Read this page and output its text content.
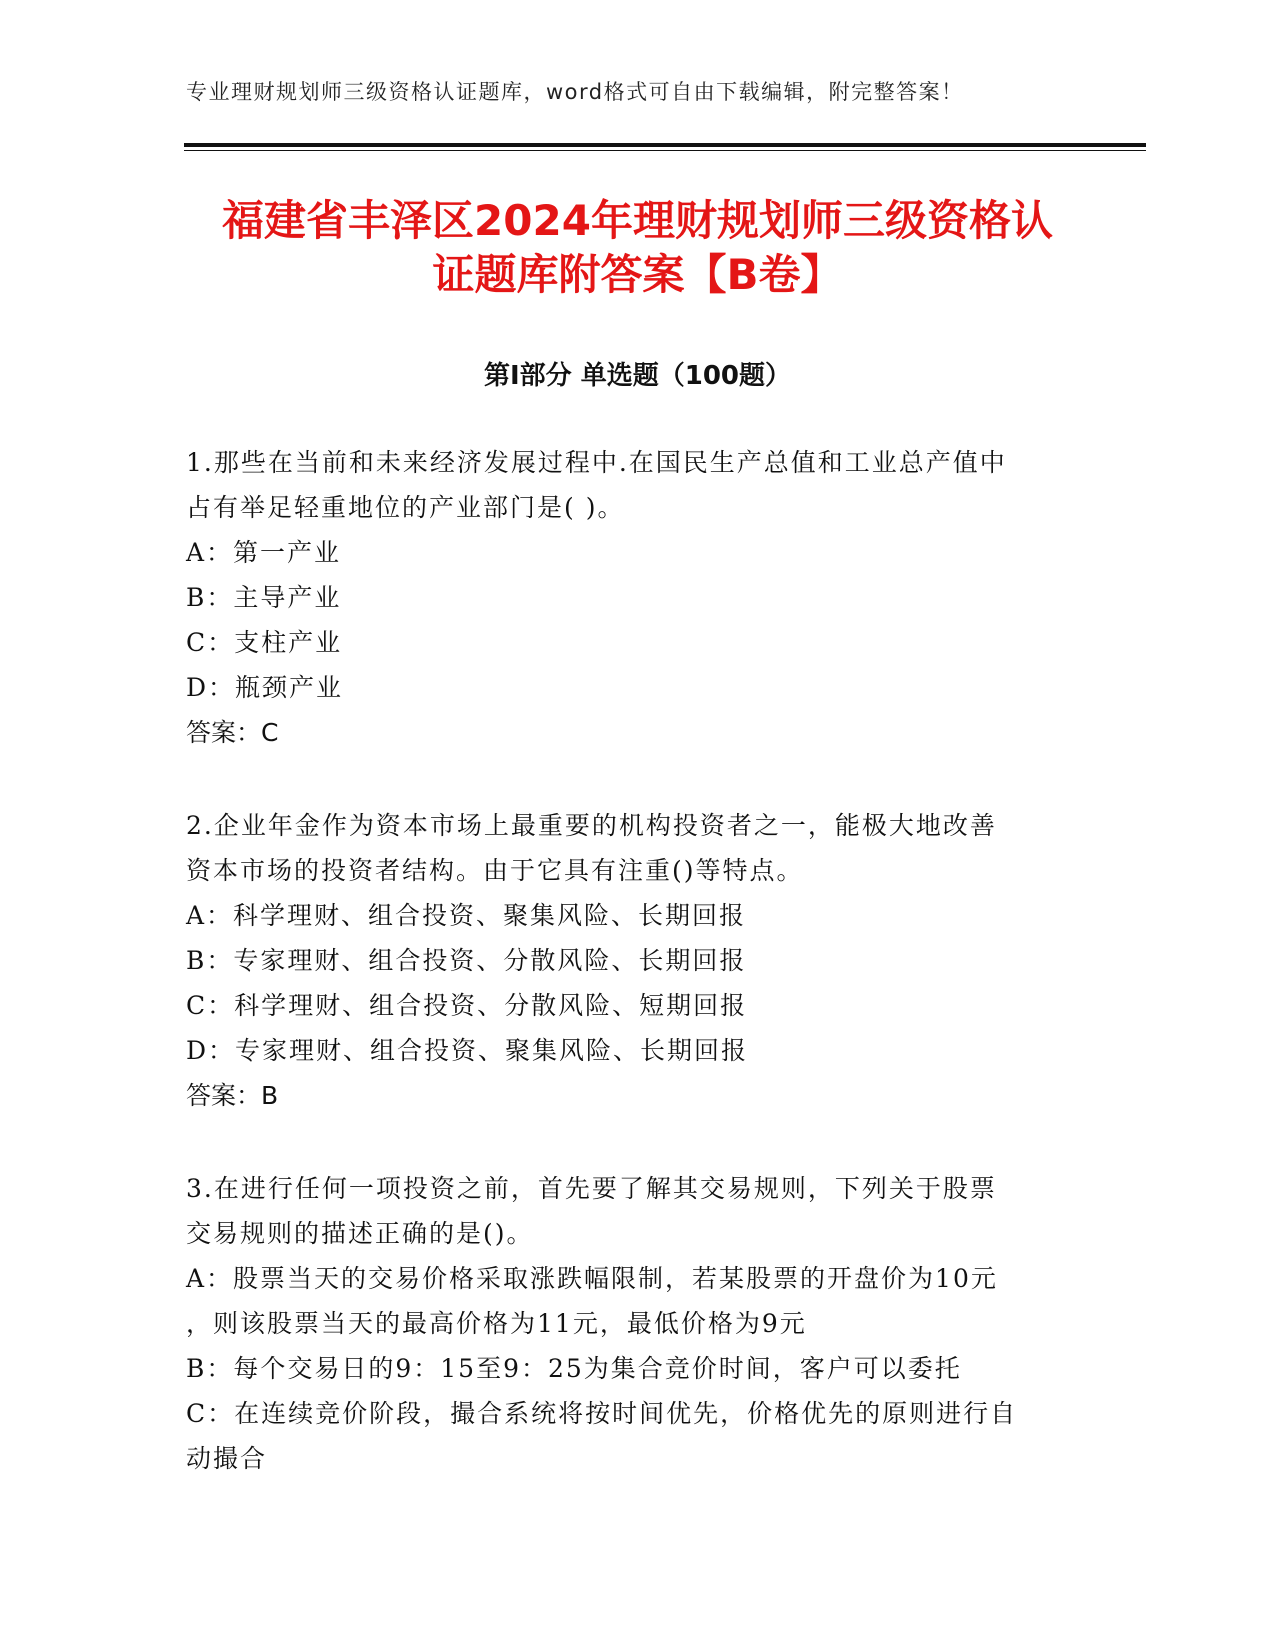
专业理财规划师三级资格认证题库，word格式可自由下载编辑，附完整答案！
福建省丰泽区2024年理财规划师三级资格认
证题库附答案【B卷】
第Ⅰ部分 单选题（100题）
1.那些在当前和未来经济发展过程中.在国民生产总值和工业总产值中
占有举足轻重地位的产业部门是( )。
A：第一产业
B：主导产业
C：支柱产业
D：瓶颈产业
答案：C
2.企业年金作为资本市场上最重要的机构投资者之一，能极大地改善
资本市场的投资者结构。由于它具有注重()等特点。
A：科学理财、组合投资、聚集风险、长期回报
B：专家理财、组合投资、分散风险、长期回报
C：科学理财、组合投资、分散风险、短期回报
D：专家理财、组合投资、聚集风险、长期回报
答案：B
3.在进行任何一项投资之前，首先要了解其交易规则，下列关于股票
交易规则的描述正确的是()。
A：股票当天的交易价格采取涨跌幅限制，若某股票的开盘价为10元
，则该股票当天的最高价格为11元，最低价格为9元
B：每个交易日的9：15至9：25为集合竞价时间，客户可以委托
C：在连续竞价阶段，撮合系统将按时间优先，价格优先的原则进行自
动撮合
